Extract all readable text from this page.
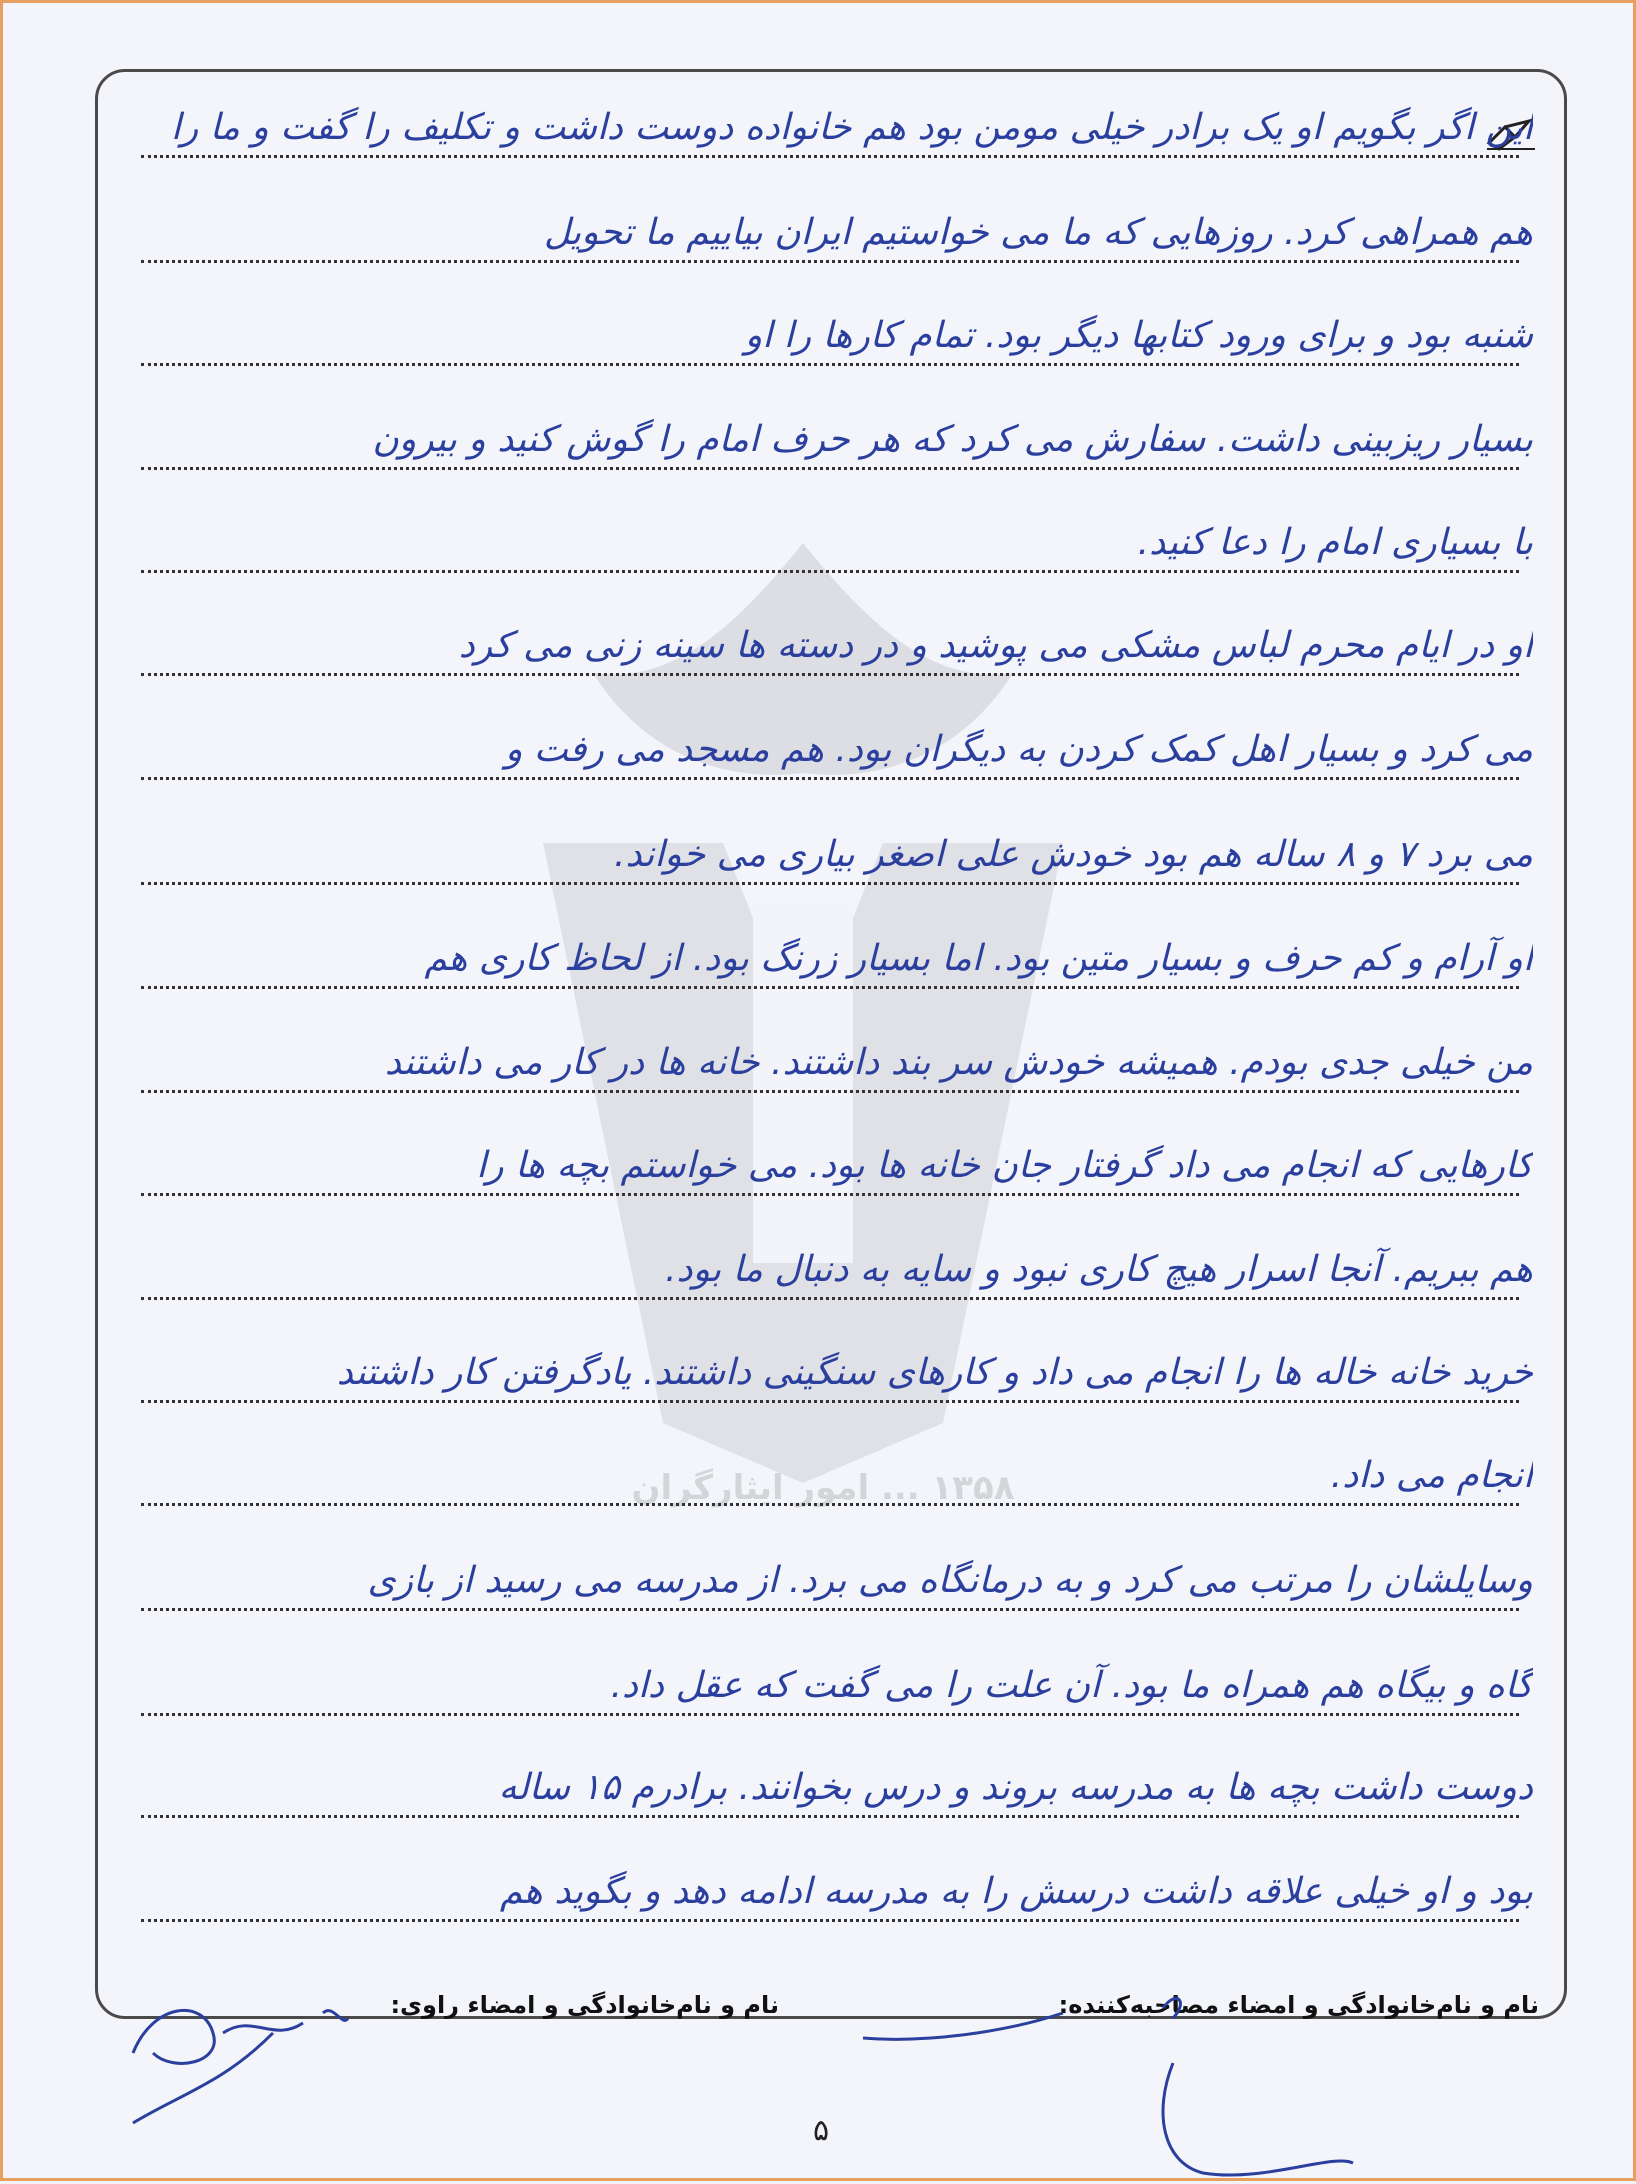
۱۳۵۸ ... امور ایثارگران
این اگر بگویم او یک برادر خیلی مومن بود هم خانواده دوست داشت و تکلیف را گفت و ما را
هم همراهی کرد. روزهایی که ما می خواستیم ایران بیاییم ما تحویل
شنبه بود و برای ورود کتابها دیگر بود. تمام کارها را او
بسیار ریزبینی داشت. سفارش می کرد که هر حرف امام را گوش کنید و بیرون
با بسیاری امام را دعا کنید.
او در ایام محرم لباس مشکی می پوشید و در دسته ها سینه زنی می کرد
می کرد و بسیار اهل کمک کردن به دیگران بود. هم مسجد می رفت و
می برد ۷ و ۸ ساله هم بود خودش علی اصغر بیاری می خواند.
او آرام و کم حرف و بسیار متین بود. اما بسیار زرنگ بود. از لحاظ کاری هم
من خیلی جدی بودم. همیشه خودش سر بند داشتند. خانه ها در کار می داشتند
کارهایی که انجام می داد گرفتار جان خانه ها بود. می خواستم بچه ها را
هم ببریم. آنجا اسرار هیچ کاری نبود و سایه به دنبال ما بود.
خرید خانه خاله ها را انجام می داد و کارهای سنگینی داشتند. یادگرفتن کار داشتند
انجام می داد.
وسایلشان را مرتب می کرد و به درمانگاه می برد. از مدرسه می رسید از بازی
گاه و بیگاه هم همراه ما بود. آن علت را می گفت که عقل داد.
دوست داشت بچه ها به مدرسه بروند و درس بخوانند. برادرم ۱۵ ساله
بود و او خیلی علاقه داشت درسش را به مدرسه ادامه دهد و بگوید هم
نام و نام‌خانوادگی و امضاء مصاحبه‌کننده:
نام و نام‌خانوادگی و امضاء راوی:
۵
